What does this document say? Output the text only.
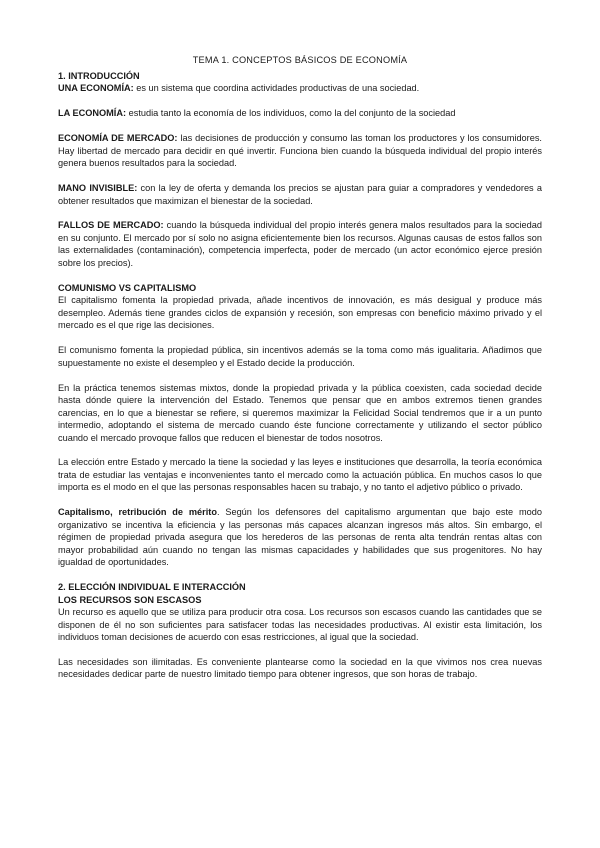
TEMA 1. CONCEPTOS BÁSICOS DE ECONOMÍA
1. INTRODUCCIÓN

UNA ECONOMÍA: es un sistema que coordina actividades productivas de una sociedad.

LA ECONOMÍA: estudia tanto la economía de los individuos, como la del conjunto de la sociedad

ECONOMÍA DE MERCADO: las decisiones de producción y consumo las toman los productores y los consumidores. Hay libertad de mercado para decidir en qué invertir. Funciona bien cuando la búsqueda individual del propio interés genera buenos resultados para la sociedad.

MANO INVISIBLE: con la ley de oferta y demanda los precios se ajustan para guiar a compradores y vendedores a obtener resultados que maximizan el bienestar de la sociedad.

FALLOS DE MERCADO: cuando la búsqueda individual del propio interés genera malos resultados para la sociedad en su conjunto. El mercado por sí solo no asigna eficientemente bien los recursos. Algunas causas de estos fallos son las externalidades (contaminación), competencia imperfecta, poder de mercado (un actor económico ejerce presión sobre los precios).

COMUNISMO VS CAPITALISMO

El capitalismo fomenta la propiedad privada, añade incentivos de innovación, es más desigual y produce más desempleo. Además tiene grandes ciclos de expansión y recesión, son empresas con beneficio máximo privado y el mercado es el que rige las decisiones.

El comunismo fomenta la propiedad pública, sin incentivos además se la toma como más igualitaria. Añadimos que supuestamente no existe el desempleo y el Estado decide la producción.

En la práctica tenemos sistemas mixtos, donde la propiedad privada y la pública coexisten, cada sociedad decide hasta dónde quiere la intervención del Estado. Tenemos que pensar que en ambos extremos tienen grandes carencias, en lo que a bienestar se refiere, si queremos maximizar la Felicidad Social tendremos que ir a un punto intermedio, adoptando el sistema de mercado cuando éste funcione correctamente y utilizando el sector público cuando el mercado provoque fallos que reducen el bienestar de todos nosotros.

La elección entre Estado y mercado la tiene la sociedad y las leyes e instituciones que desarrolla, la teoría económica trata de estudiar las ventajas e inconvenientes tanto el mercado como la actuación pública. En muchos casos lo que importa es el modo en el que las personas responsables hacen su trabajo, y no tanto el adjetivo público o privado.

Capitalismo, retribución de mérito. Según los defensores del capitalismo argumentan que bajo este modo organizativo se incentiva la eficiencia y las personas más capaces alcanzan ingresos más altos. Sin embargo, el régimen de propiedad privada asegura que los herederos de las personas de renta alta tendrán rentas altas con mayor probabilidad aún cuando no tengan las mismas capacidades y habilidades que sus progenitores. No hay igualdad de oportunidades.

2. ELECCIÓN INDIVIDUAL E INTERACCIÓN
LOS RECURSOS SON ESCASOS

Un recurso es aquello que se utiliza para producir otra cosa. Los recursos son escasos cuando las cantidades que se disponen de él no son suficientes para satisfacer todas las necesidades productivas. Al existir esta limitación, los individuos toman decisiones de acuerdo con esas restricciones, al igual que la sociedad.

Las necesidades son ilimitadas. Es conveniente plantearse como la sociedad en la que vivimos nos crea nuevas necesidades dedicar parte de nuestro limitado tiempo para obtener ingresos, que son horas de trabajo.
